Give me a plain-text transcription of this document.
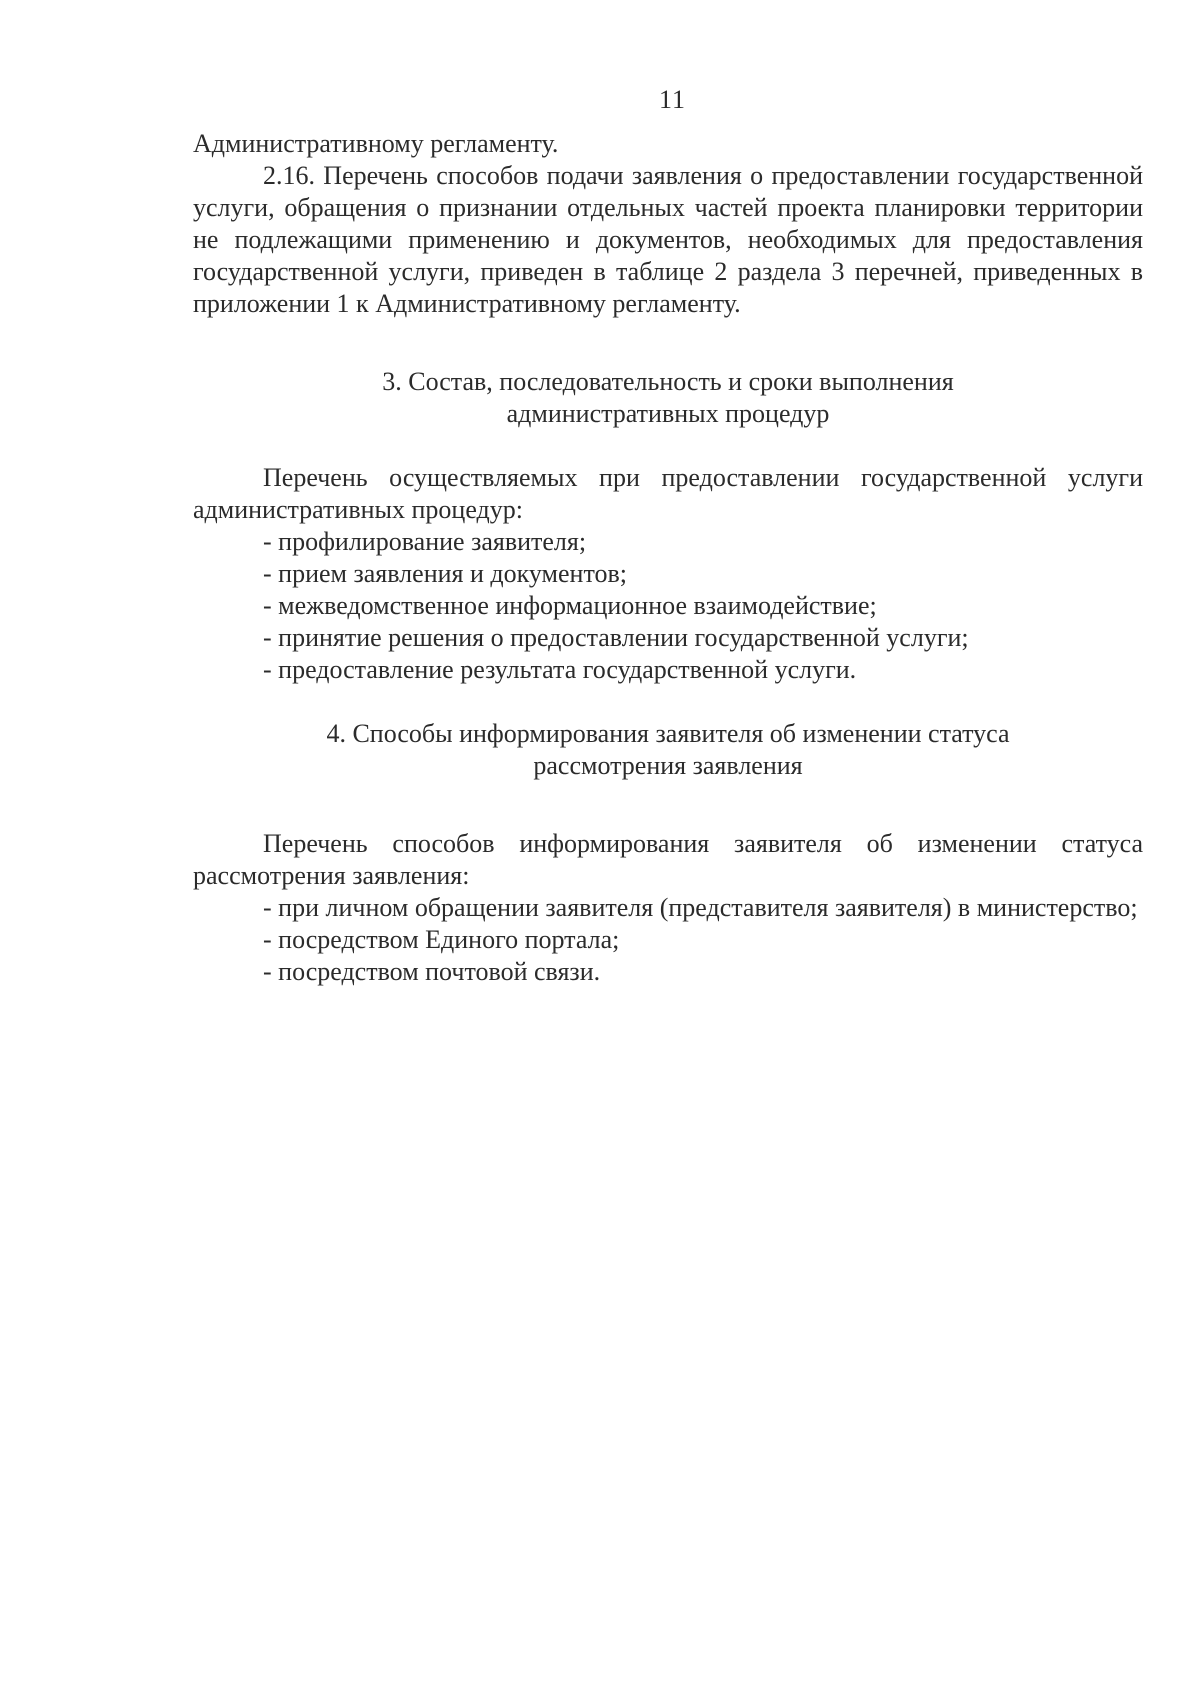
11

Административному регламенту.

2.16. Перечень способов подачи заявления о предоставлении государственной услуги, обращения о признании отдельных частей проекта планировки территории не подлежащими применению и документов, необходимых для предоставления государственной услуги, приведен в таблице 2 раздела 3 перечней, приведенных в приложении 1 к Административному регламенту.

3. Состав, последовательность и сроки выполнения
административных процедур

Перечень осуществляемых при предоставлении государственной услуги административных процедур:

- профилирование заявителя;

- прием заявления и документов;

- межведомственное информационное взаимодействие;

- принятие решения о предоставлении государственной услуги;

- предоставление результата государственной услуги.

4. Способы информирования заявителя об изменении статуса
рассмотрения заявления

Перечень способов информирования заявителя об изменении статуса рассмотрения заявления:

- при личном обращении заявителя (представителя заявителя) в министерство;

- посредством Единого портала;

- посредством почтовой связи.
